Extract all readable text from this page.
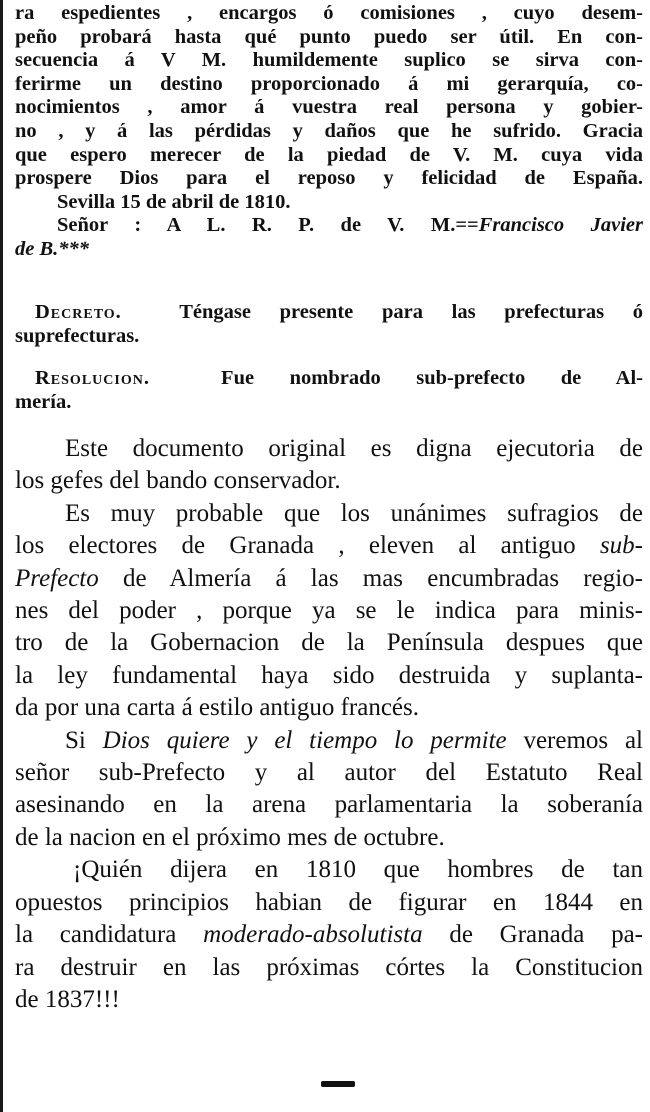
ra espedientes , encargos ó comisiones , cuyo desem-
peño probará hasta qué punto puedo ser útil. En con-
secuencia á V M. humildemente suplico se sirva con-
ferirme un destino proporcionado á mi gerarquía, co-
nocimientos , amor á vuestra real persona y gobier-
no , y á las pérdidas y daños que he sufrido. Gracia
que espero merecer de la piedad de V. M. cuya vida
prospere Dios para el reposo y felicidad de España.
Sevilla 15 de abril de 1810.
Señor : A L. R. P. de V. M.==Francisco Javier
de B.***
Decreto.	Téngase presente para las prefecturas ó
suprefecturas.
Resolucion.	Fue nombrado sub-prefecto de Al-
mería.
Este documento original es digna ejecutoria de
los gefes del bando conservador.
Es muy probable que los unánimes sufragios de
los electores de Granada , eleven al antiguo sub-
Prefecto de Almería á las mas encumbradas regio-
nes del poder , porque ya se le indica para minis-
tro de la Gobernacion de la Península despues que
la ley fundamental haya sido destruida y suplanta-
da por una carta á estilo antiguo francés.
Si Dios quiere y el tiempo lo permite veremos al
señor sub-Prefecto y al autor del Estatuto Real
asesinando en la arena parlamentaria la soberanía
de la nacion en el próximo mes de octubre.
¡Quién dijera en 1810 que hombres de tan
opuestos principios habian de figurar en 1844 en
la candidatura moderado-absolutista de Granada pa-
ra destruir en las próximas córtes la Constitucion
de 1837!!!
